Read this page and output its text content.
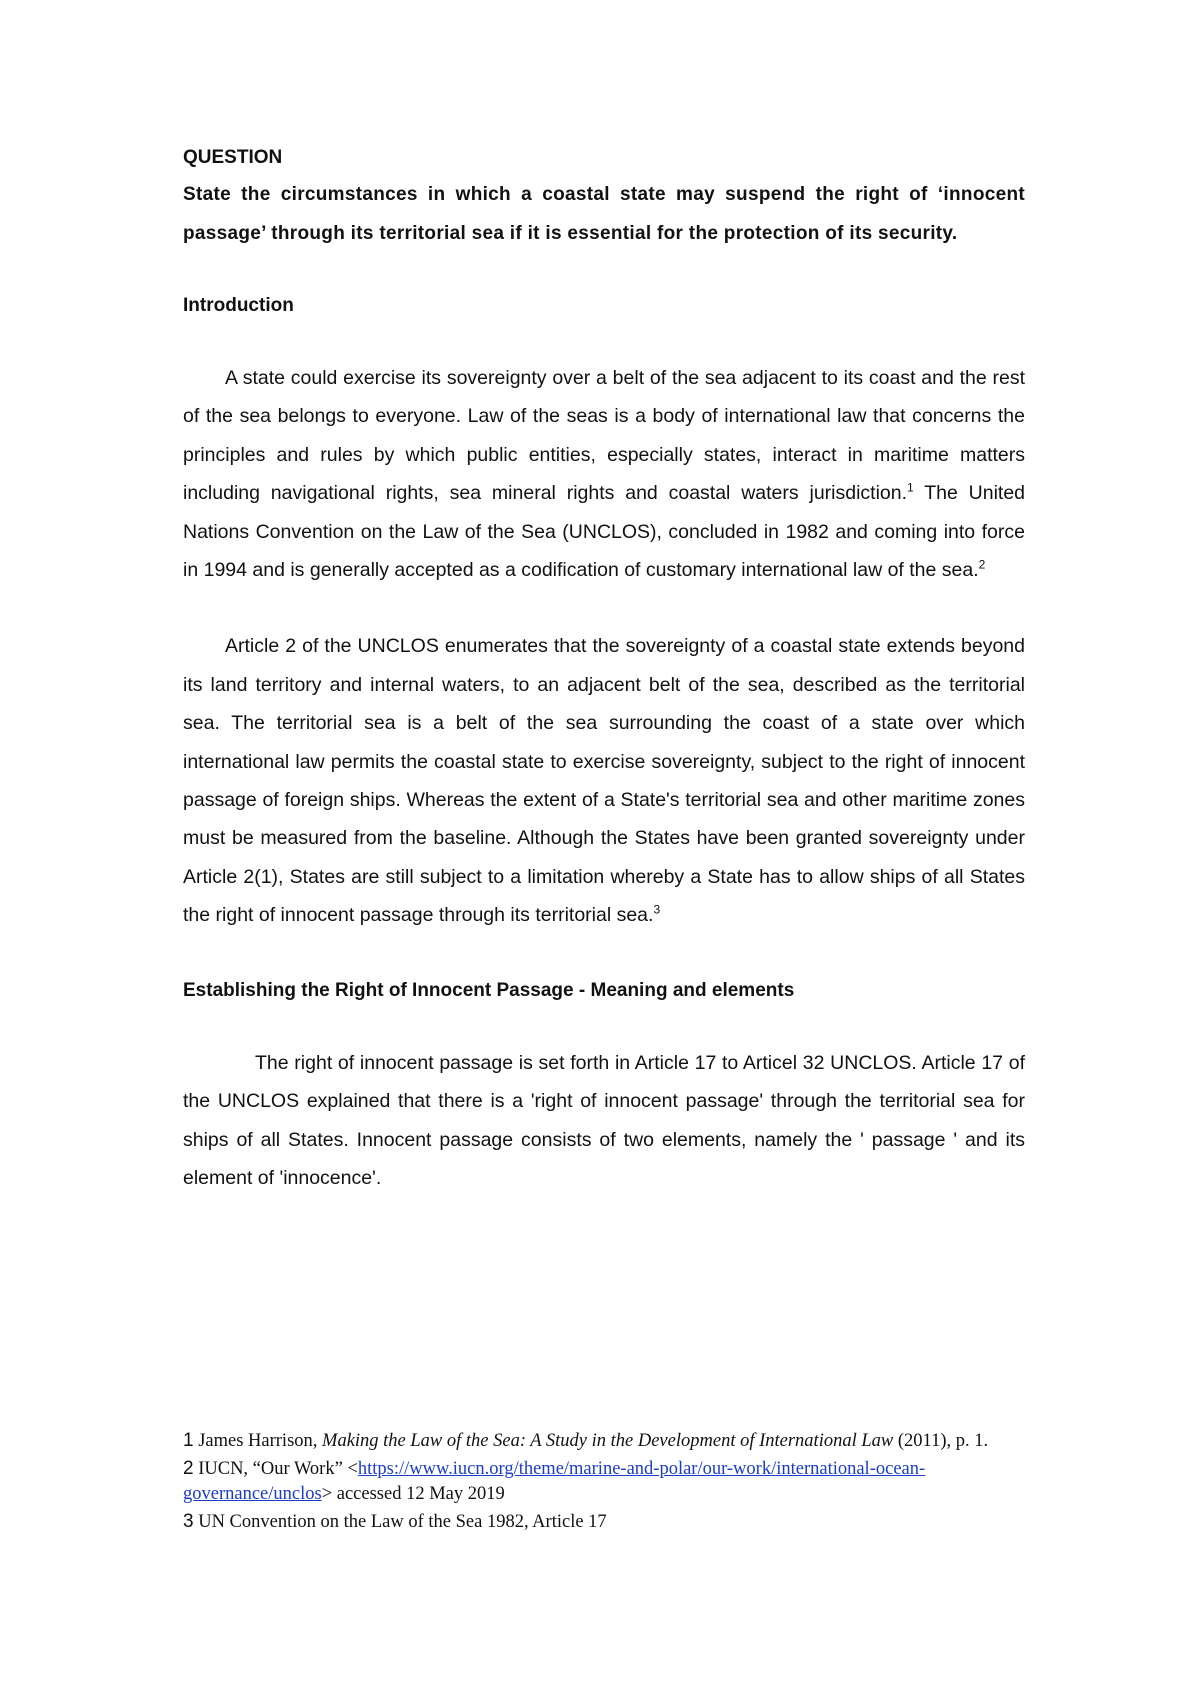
QUESTION

State the circumstances in which a coastal state may suspend the right of ‘innocent passage’ through its territorial sea if it is essential for the protection of its security.

Introduction

A state could exercise its sovereignty over a belt of the sea adjacent to its coast and the rest of the sea belongs to everyone. Law of the seas is a body of international law that concerns the principles and rules by which public entities, especially states, interact in maritime matters including navigational rights, sea mineral rights and coastal waters jurisdiction.$^1$ The United Nations Convention on the Law of the Sea (UNCLOS), concluded in 1982 and coming into force in 1994 and is generally accepted as a codification of customary international law of the sea.$^2$

Article 2 of the UNCLOS enumerates that the sovereignty of a coastal state extends beyond its land territory and internal waters, to an adjacent belt of the sea, described as the territorial sea. The territorial sea is a belt of the sea surrounding the coast of a state over which international law permits the coastal state to exercise sovereignty, subject to the right of innocent passage of foreign ships. Whereas the extent of a State's territorial sea and other maritime zones must be measured from the baseline. Although the States have been granted sovereignty under Article 2(1), States are still subject to a limitation whereby a State has to allow ships of all States the right of innocent passage through its territorial sea.$^3$

Establishing the Right of Innocent Passage - Meaning and elements

The right of innocent passage is set forth in Article 17 to Articel 32 UNCLOS. Article 17 of the UNCLOS explained that there is a 'right of innocent passage' through the territorial sea for ships of all States. Innocent passage consists of two elements, namely the ' passage ' and its element of 'innocence'.

1 James Harrison, Making the Law of the Sea: A Study in the Development of International Law (2011), p. 1.

2 IUCN, “Our Work” <https://www.iucn.org/theme/marine-and-polar/our-work/international-ocean-governance/unclos> accessed 12 May 2019

3 UN Convention on the Law of the Sea 1982, Article 17
